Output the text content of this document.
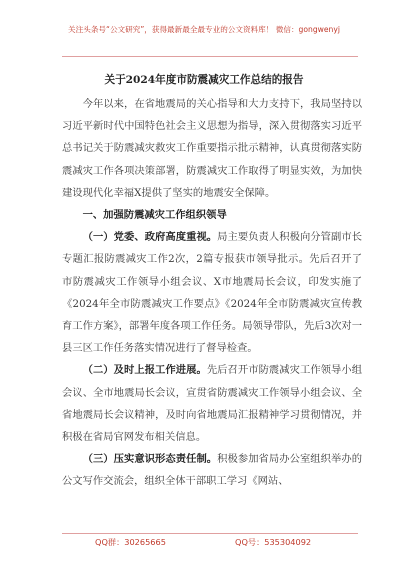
关注头条号“公文研究”，获得最新最全最专业的公文资料库！ 微信：gongwenyj
关于2024年度市防震减灾工作总结的报告

今年以来，在省地震局的关心指导和大力支持下，我局坚持以习近平新时代中国特色社会主义思想为指导，深入贯彻落实习近平总书记关于防震减灾救灾工作重要指示批示精神，认真贯彻落实防震减灾工作各项决策部署，防震减灾工作取得了明显实效，为加快建设现代化幸福X提供了坚实的地震安全保障。

一、加强防震减灾工作组织领导

（一）党委、政府高度重视。局主要负责人积极向分管副市长专题汇报防震减灾工作2次，2篇专报获市领导批示。先后召开了市防震减灾工作领导小组会议、X市地震局长会议，印发实施了《2024年全市防震减灾工作要点》《2024年全市防震减灾宣传教育工作方案》，部署年度各项工作任务。局领导带队，先后3次对一县三区工作任务落实情况进行了督导检查。

（二）及时上报工作进展。先后召开市防震减灾工作领导小组会议、全市地震局长会议，宣贯省防震减灾工作领导小组会议、全省地震局长会议精神，及时向省地震局汇报精神学习贯彻情况，并积极在省局官网发布相关信息。

（三）压实意识形态责任制。积极参加省局办公室组织举办的公文写作交流会，组织全体干部职工学习《网站、

QQ群：30265665	QQ号：535304092
